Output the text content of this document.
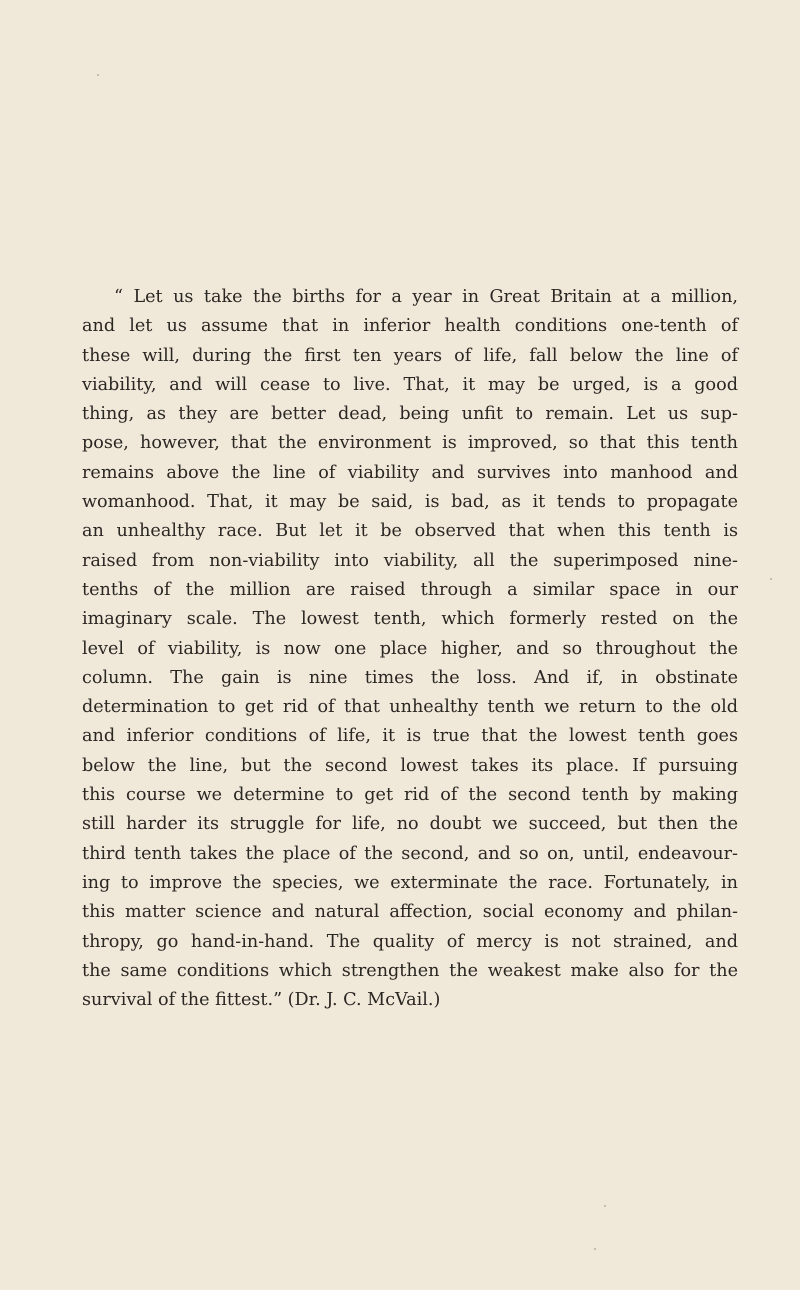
“ Let us take the births for a year in Great Britain at a million,
and let us assume that in inferior health conditions one-tenth of
these will, during the first ten years of life, fall below the line of
viability, and will cease to live. That, it may be urged, is a good
thing, as they are better dead, being unfit to remain. Let us sup-
pose, however, that the environment is improved, so that this tenth
remains above the line of viability and survives into manhood and
womanhood. That, it may be said, is bad, as it tends to propagate
an unhealthy race. But let it be observed that when this tenth is
raised from non-viability into viability, all the superimposed nine-
tenths of the million are raised through a similar space in our
imaginary scale. The lowest tenth, which formerly rested on the
level of viability, is now one place higher, and so throughout the
column. The gain is nine times the loss. And if, in obstinate
determination to get rid of that unhealthy tenth we return to the old
and inferior conditions of life, it is true that the lowest tenth goes
below the line, but the second lowest takes its place. If pursuing
this course we determine to get rid of the second tenth by making
still harder its struggle for life, no doubt we succeed, but then the
third tenth takes the place of the second, and so on, until, endeavour-
ing to improve the species, we exterminate the race. Fortunately, in
this matter science and natural affection, social economy and philan-
thropy, go hand-in-hand. The quality of mercy is not strained, and
the same conditions which strengthen the weakest make also for the
survival of the fittest.” (Dr. J. C. McVail.)
